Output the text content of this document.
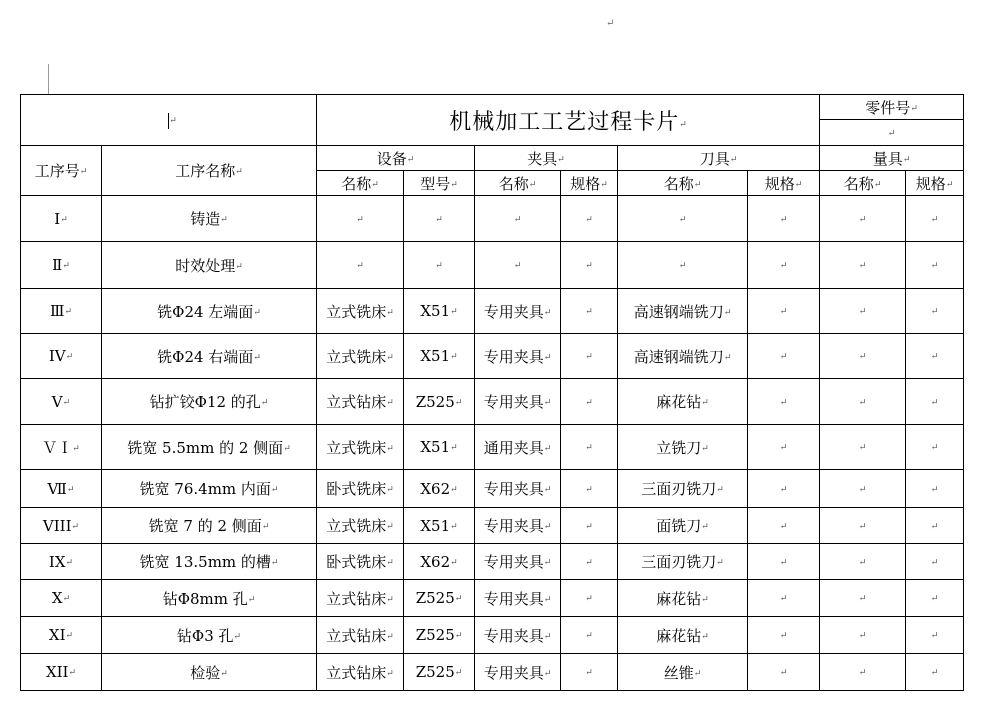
↵
↵		机械加工工艺过程卡片↵						零件号↵	
								↵	
工序号↵	工序名称↵	设备↵		夹具↵		刀具↵		量具↵	
		名称↵	型号↵	名称↵	规格↵	名称↵	规格↵	名称↵	规格↵
Ⅰ↵	铸造↵	↵	↵	↵	↵	↵	↵	↵	↵
Ⅱ↵	时效处理↵	↵	↵	↵	↵	↵	↵	↵	↵
Ⅲ↵	铣Φ24 左端面↵	立式铣床↵	X51↵	专用夹具↵	↵	高速钢端铣刀↵	↵	↵	↵
IV↵	铣Φ24 右端面↵	立式铣床↵	X51↵	专用夹具↵	↵	高速钢端铣刀↵	↵	↵	↵
Ⅴ↵	钻扩铰Φ12 的孔↵	立式钻床↵	Z525↵	专用夹具↵	↵	麻花钻↵	↵	↵	↵
ＶＩ↵	铣宽 5.5mm 的 2 侧面↵	立式铣床↵	X51↵	通用夹具↵	↵	立铣刀↵	↵	↵	↵
Ⅶ↵	铣宽 76.4mm 内面↵	卧式铣床↵	X62↵	专用夹具↵	↵	三面刃铣刀↵	↵	↵	↵
VIII↵	铣宽 7 的 2 侧面↵	立式铣床↵	X51↵	专用夹具↵	↵	面铣刀↵	↵	↵	↵
IX↵	铣宽 13.5mm 的槽↵	卧式铣床↵	X62↵	专用夹具↵	↵	三面刃铣刀↵	↵	↵	↵
X↵	钻Φ8mm 孔↵	立式钻床↵	Z525↵	专用夹具↵	↵	麻花钻↵	↵	↵	↵
XI↵	钻Φ3 孔↵	立式钻床↵	Z525↵	专用夹具↵	↵	麻花钻↵	↵	↵	↵
XII↵	检验↵	立式钻床↵	Z525↵	专用夹具↵	↵	丝锥↵	↵	↵	↵
